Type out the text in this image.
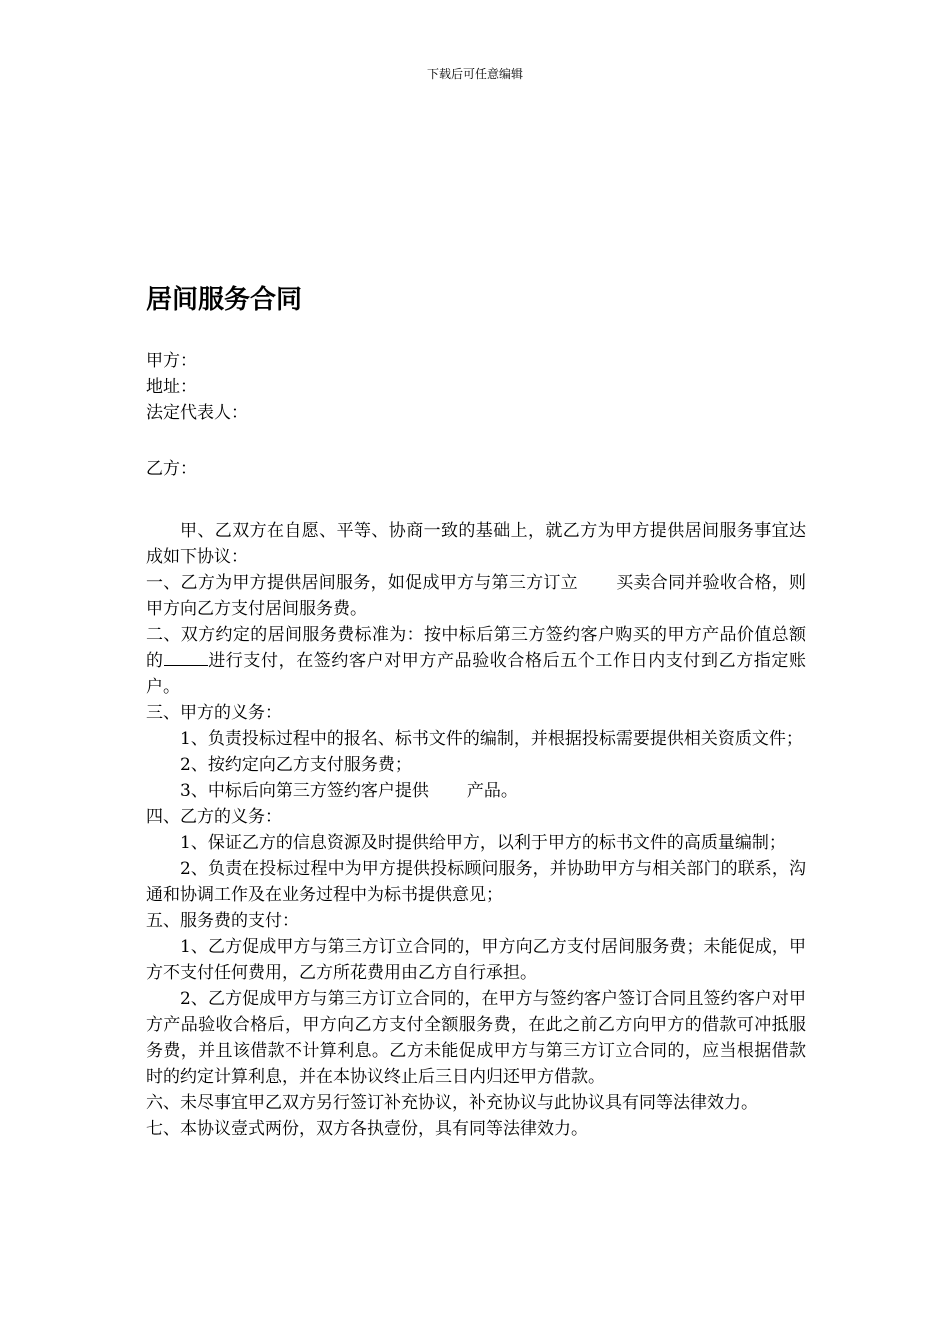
下载后可任意编辑
居间服务合同
甲方：
地址：
法定代表人：
乙方：

甲、乙双方在自愿、平等、协商一致的基础上，就乙方为甲方提供居间服务事宜达成如下协议：

一、乙方为甲方提供居间服务，如促成甲方与第三方订立 买卖合同并验收合格，则甲方向乙方支付居间服务费。

二、双方约定的居间服务费标准为：按中标后第三方签约客户购买的甲方产品价值总额的	进行支付，在签约客户对甲方产品验收合格后五个工作日内支付到乙方指定账户。

三、甲方的义务：

1、负责投标过程中的报名、标书文件的编制，并根据投标需要提供相关资质文件；

2、按约定向乙方支付服务费；

3、中标后向第三方签约客户提供 产品。

四、乙方的义务：

1、保证乙方的信息资源及时提供给甲方，以利于甲方的标书文件的高质量编制；

2、负责在投标过程中为甲方提供投标顾问服务，并协助甲方与相关部门的联系，沟通和协调工作及在业务过程中为标书提供意见；

五、服务费的支付：

1、乙方促成甲方与第三方订立合同的，甲方向乙方支付居间服务费；未能促成，甲方不支付任何费用，乙方所花费用由乙方自行承担。

2、乙方促成甲方与第三方订立合同的，在甲方与签约客户签订合同且签约客户对甲方产品验收合格后，甲方向乙方支付全额服务费，在此之前乙方向甲方的借款可冲抵服务费，并且该借款不计算利息。乙方未能促成甲方与第三方订立合同的，应当根据借款时的约定计算利息，并在本协议终止后三日内归还甲方借款。

六、未尽事宜甲乙双方另行签订补充协议，补充协议与此协议具有同等法律效力。

七、本协议壹式两份，双方各执壹份，具有同等法律效力。
